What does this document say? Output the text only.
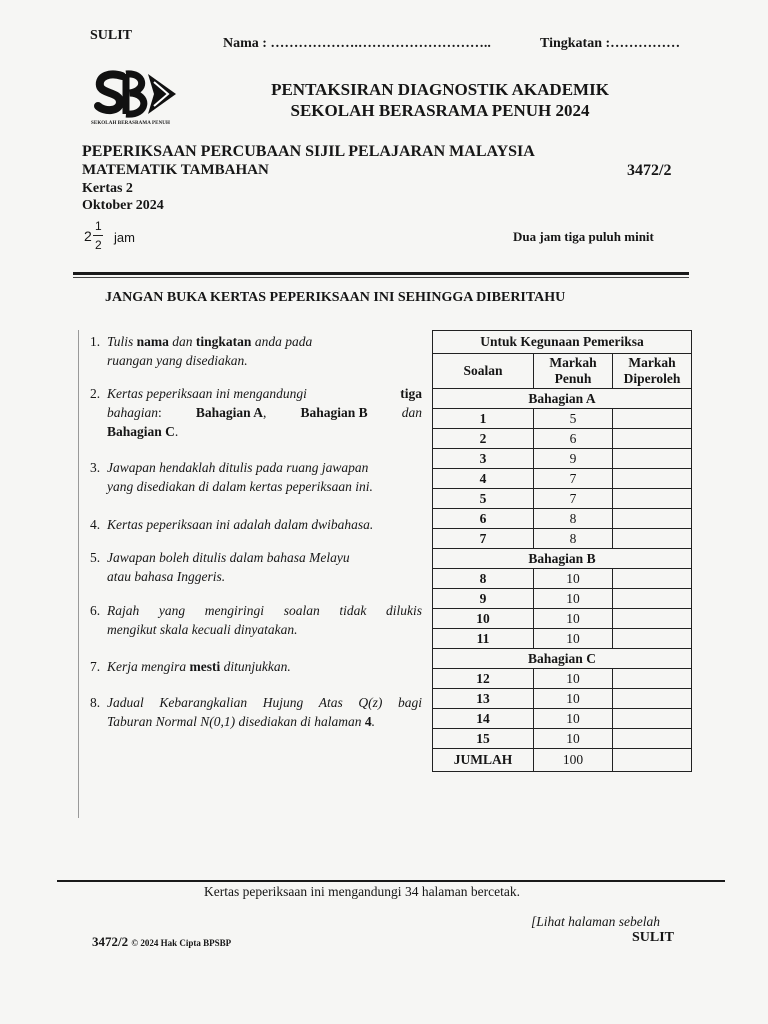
SULIT
Nama : ……………….………………………..	Tingkatan :……………
SEKOLAH BERASRAMA PENUH
PENTAKSIRAN DIAGNOSTIK AKADEMIK
SEKOLAH BERASRAMA PENUH 2024
PEPERIKSAAN PERCUBAAN SIJIL PELAJARAN MALAYSIA
MATEMATIK TAMBAHAN	3472/2
Kertas 2
Oktober 2024
2
1
2 jam	Dua jam tiga puluh minit
JANGAN BUKA KERTAS PEPERIKSAAN INI SEHINGGA DIBERITAHU
1. Tulis nama dan tingkatan anda pada
ruangan yang disediakan.
2. Kertas peperiksaan ini mengandungi	tiga
bahagian:	Bahagian A,	Bahagian B	dan
Bahagian C.
3. Jawapan hendaklah ditulis pada ruang jawapan
yang disediakan di dalam kertas peperiksaan ini.
4. Kertas peperiksaan ini adalah dalam dwibahasa.
5. Jawapan boleh ditulis dalam bahasa Melayu
atau bahasa Inggeris.
6. Rajah yang mengiringi soalan tidak dilukis
mengikut skala kecuali dinyatakan.
7. Kerja mengira mesti ditunjukkan.
8. Jadual Kebarangkalian Hujung Atas Q(z) bagi
Taburan Normal N(0,1) disediakan di halaman 4.
Untuk Kegunaan Pemeriksa		
Soalan	Markah Penuh	Markah Diperoleh
Bahagian A		
1	5	
2	6	
3	9	
4	7	
5	7	
6	8	
7	8	
Bahagian B		
8	10	
9	10	
10	10	
11	10	
Bahagian C		
12	10	
13	10	
14	10	
15	10	
JUMLAH	100	
Kertas peperiksaan ini mengandungi 34 halaman bercetak.
[Lihat halaman sebelah
3472/2 © 2024 Hak Cipta BPSBP	SULIT
